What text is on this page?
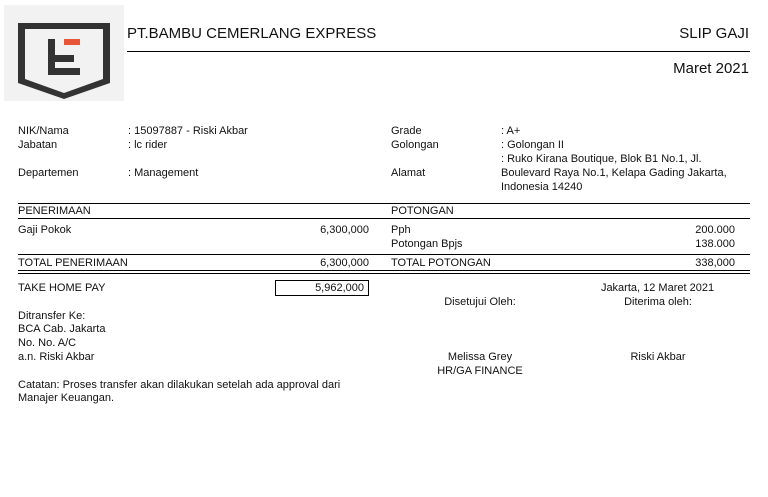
PT.BAMBU CEMERLANG EXPRESS	SLIP GAJI
Maret 2021
NIK/Nama	: 15097887 - Riski Akbar
Jabatan	: lc rider
Departemen	: Management
Grade	: A+
Golongan	: Golongan II
Alamat
: Ruko Kirana Boutique, Blok B1 No.1, Jl.
Boulevard Raya No.1, Kelapa Gading Jakarta,
Indonesia 14240
PENERIMAAN	POTONGAN
Gaji Pokok	6,300,000 Pph	200.000
Potongan Bpjs	138.000
TOTAL PENERIMAAN	6,300,000 TOTAL POTONGAN	338,000
TAKE HOME PAY	5,962,000	Jakarta, 12 Maret 2021
Disetujui Oleh:	Diterima oleh:
Ditransfer Ke:
BCA Cab. Jakarta
No. No. A/C
a.n. Riski Akbar	Melissa Grey
HR/GA FINANCE
Riski Akbar
Catatan: Proses transfer akan dilakukan setelah ada approval dari
Manajer Keuangan.
